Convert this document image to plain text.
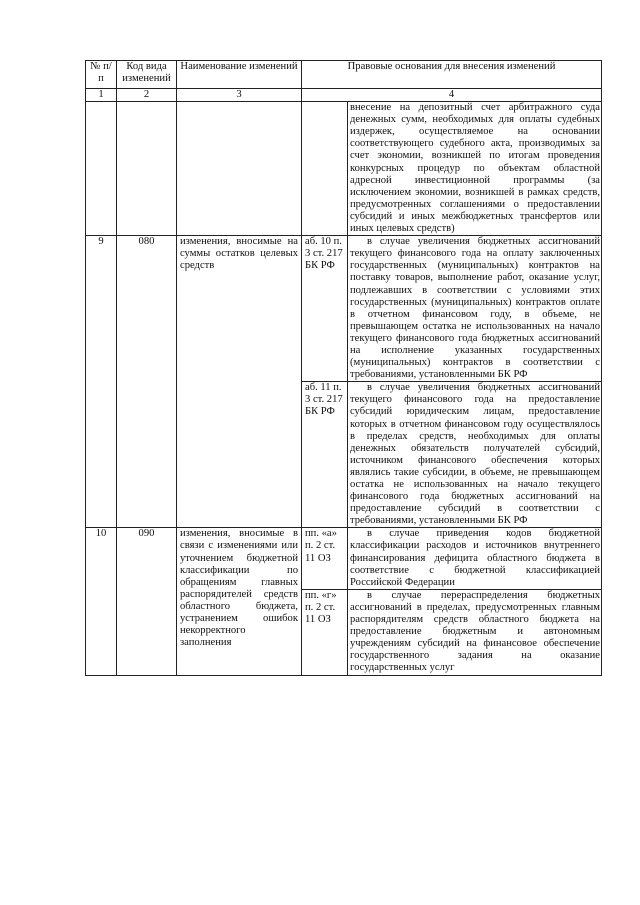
№ п/п	Код вида изменений	Наименование изменений	Правовые основания для внесения изменений	
1	2	3	4	
				внесение на депозитный счет арбитражного суда денежных сумм, необходимых для оплаты судебных издержек, осуществляемое на основании соответствующего судебного акта, производимых за счет экономии, возникшей по итогам проведения конкурсных процедур по объектам областной адресной инвестиционной программы (за исключением экономии, возникшей в рамках средств, предусмотренных соглашениями о предоставлении субсидий и иных межбюджетных трансфертов или иных целевых средств)
9	080	изменения, вносимые на суммы остатков целевых средств	аб. 10 п. 3 ст. 217 БК РФ	в случае увеличения бюджетных ассигнований текущего финансового года на оплату заключенных государственных (муниципальных) контрактов на поставку товаров, выполнение работ, оказание услуг, подлежавших в соответствии с условиями этих государственных (муниципальных) контрактов оплате в отчетном финансовом году, в объеме, не превышающем остатка не использованных на начало текущего финансового года бюджетных ассигнований на исполнение указанных государственных (муниципальных) контрактов в соответствии с требованиями, установленными БК РФ
			аб. 11 п. 3 ст. 217 БК РФ	в случае увеличения бюджетных ассигнований текущего финансового года на предоставление субсидий юридическим лицам, предоставление которых в отчетном финансовом году осуществлялось в пределах средств, необходимых для оплаты денежных обязательств получателей субсидий, источником финансового обеспечения которых являлись такие субсидии, в объеме, не превышающем остатка не использованных на начало текущего финансового года бюджетных ассигнований на предоставление субсидий в соответствии с требованиями, установленными БК РФ
10	090	изменения, вносимые в связи с изменениями или уточнением бюджетной классификации по обращениям главных распорядителей средств областного бюджета, устранением ошибок некорректного заполнения	пп. «а» п. 2 ст. 11 ОЗ	в случае приведения кодов бюджетной классификации расходов и источников внутреннего финансирования дефицита областного бюджета в соответствие с бюджетной классификацией Российской Федерации
			пп. «г» п. 2 ст. 11 ОЗ	в случае перераспределения бюджетных ассигнований в пределах, предусмотренных главным распорядителям средств областного бюджета на предоставление бюджетным и автономным учреждениям субсидий на финансовое обеспечение государственного задания на оказание государственных услуг
